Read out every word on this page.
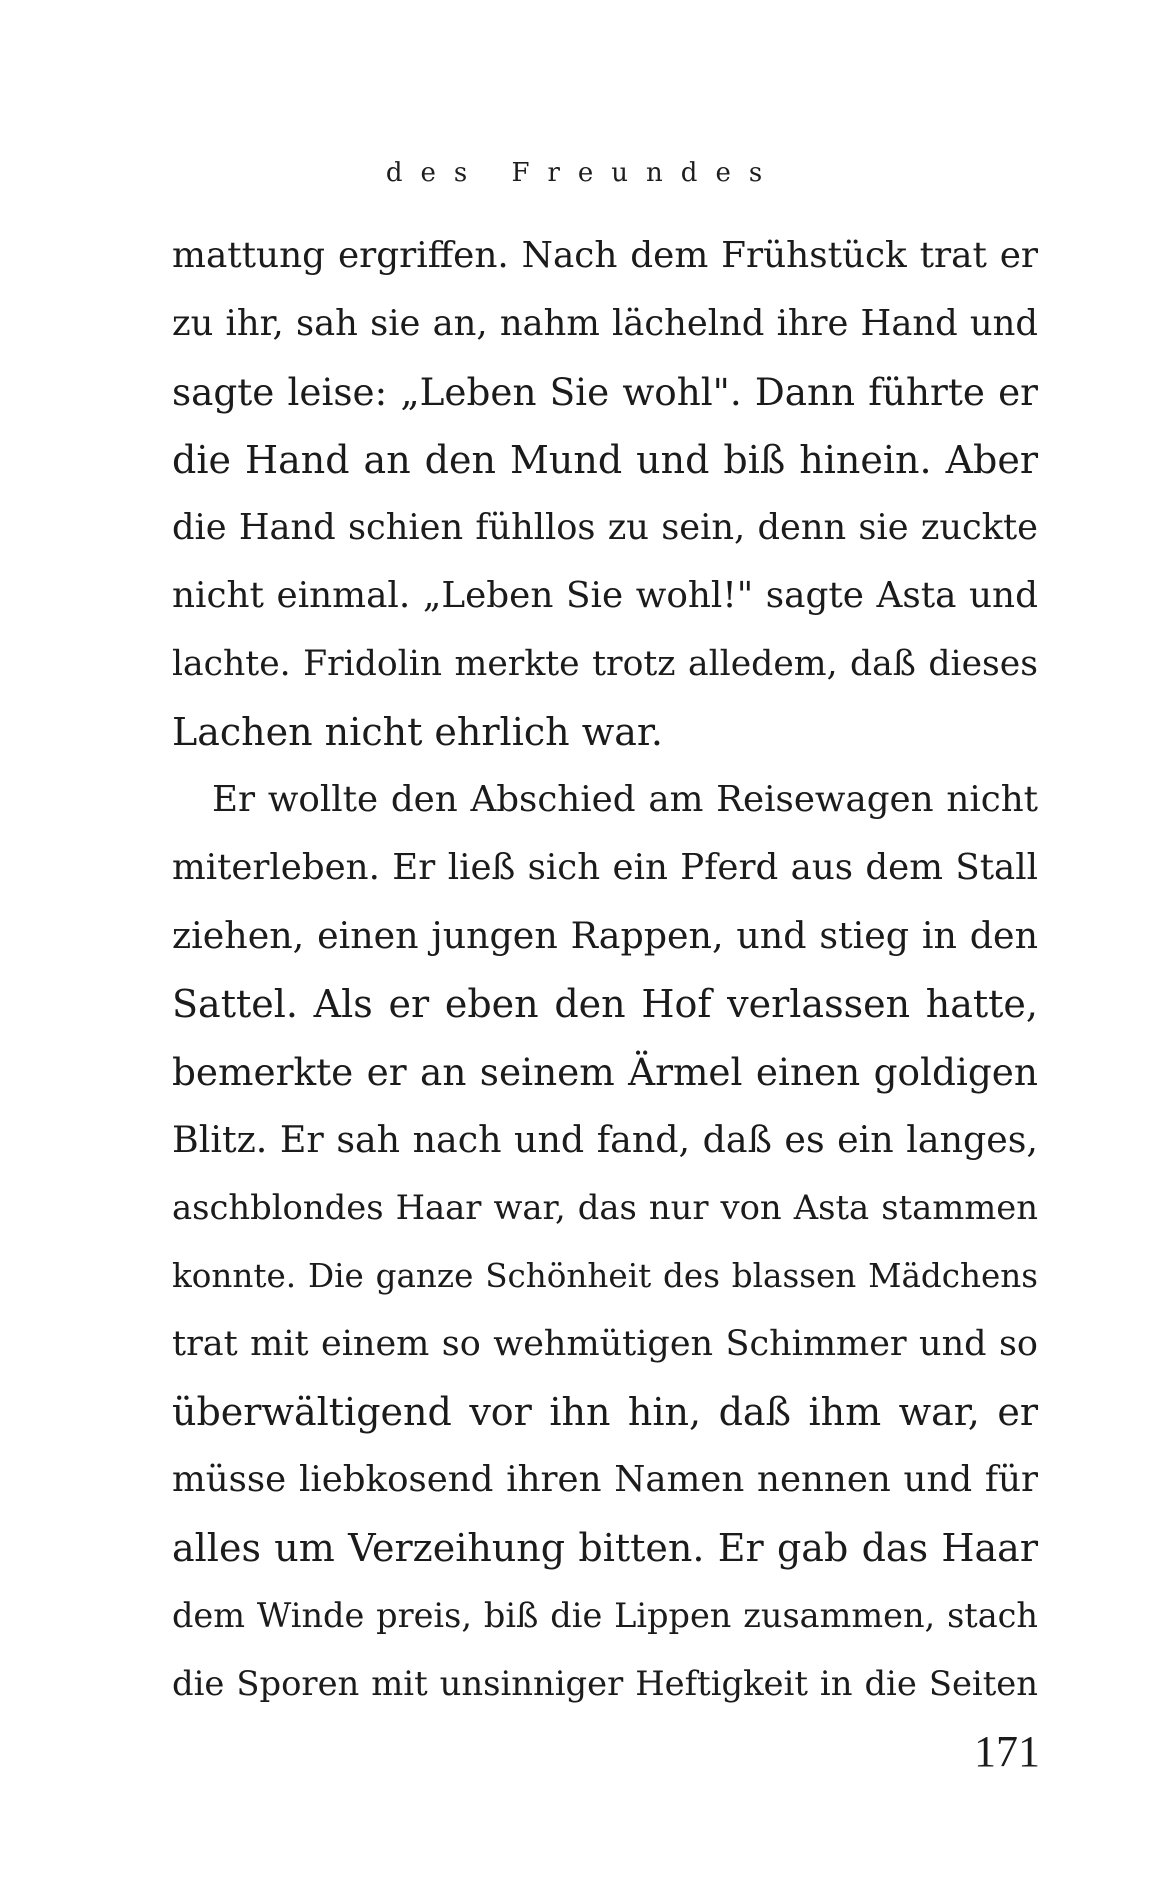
des Freundes

mattung ergriffen. Nach dem Frühstück trat er
zu ihr, sah sie an, nahm lächelnd ihre Hand und
sagte leise: „Leben Sie wohl". Dann führte er
die Hand an den Mund und biß hinein. Aber
die Hand schien fühllos zu sein, denn sie zuckte
nicht einmal. „Leben Sie wohl!" sagte Asta und
lachte. Fridolin merkte trotz alledem, daß dieses
Lachen nicht ehrlich war.

Er wollte den Abschied am Reisewagen nicht
miterleben. Er ließ sich ein Pferd aus dem Stall
ziehen, einen jungen Rappen, und stieg in den
Sattel. Als er eben den Hof verlassen hatte,
bemerkte er an seinem Ärmel einen goldigen
Blitz. Er sah nach und fand, daß es ein langes,
aschblondes Haar war, das nur von Asta stammen
konnte. Die ganze Schönheit des blassen Mädchens
trat mit einem so wehmütigen Schimmer und so
überwältigend vor ihn hin, daß ihm war, er
müsse liebkosend ihren Namen nennen und für
alles um Verzeihung bitten. Er gab das Haar
dem Winde preis, biß die Lippen zusammen, stach
die Sporen mit unsinniger Heftigkeit in die Seiten

171
